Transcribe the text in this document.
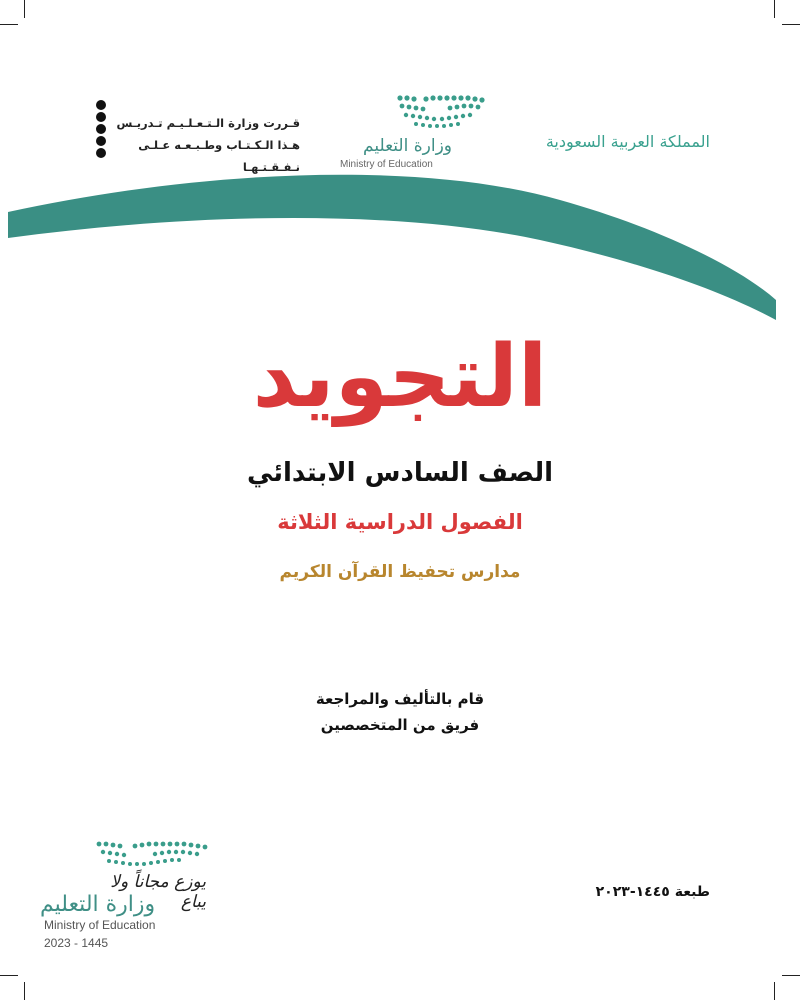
المملكة العربية السعودية
وزارة التعليم
Ministry of Education
قـررت وزارة الـتـعـلـيـم تـدريـس
هـذا الـكـتـاب وطـبـعـه عـلـى نـفـقـتـهـا
التجويد
الصف السادس الابتدائي
الفصول الدراسية الثلاثة
مدارس تحفيظ القرآن الكريم
قام بالتأليف والمراجعة
فريق من المتخصصين
طبعة ١٤٤٥-٢٠٢٣
يوزع مجاناً ولا يباع
وزارة التعليم
Ministry of Education
2023 - 1445
